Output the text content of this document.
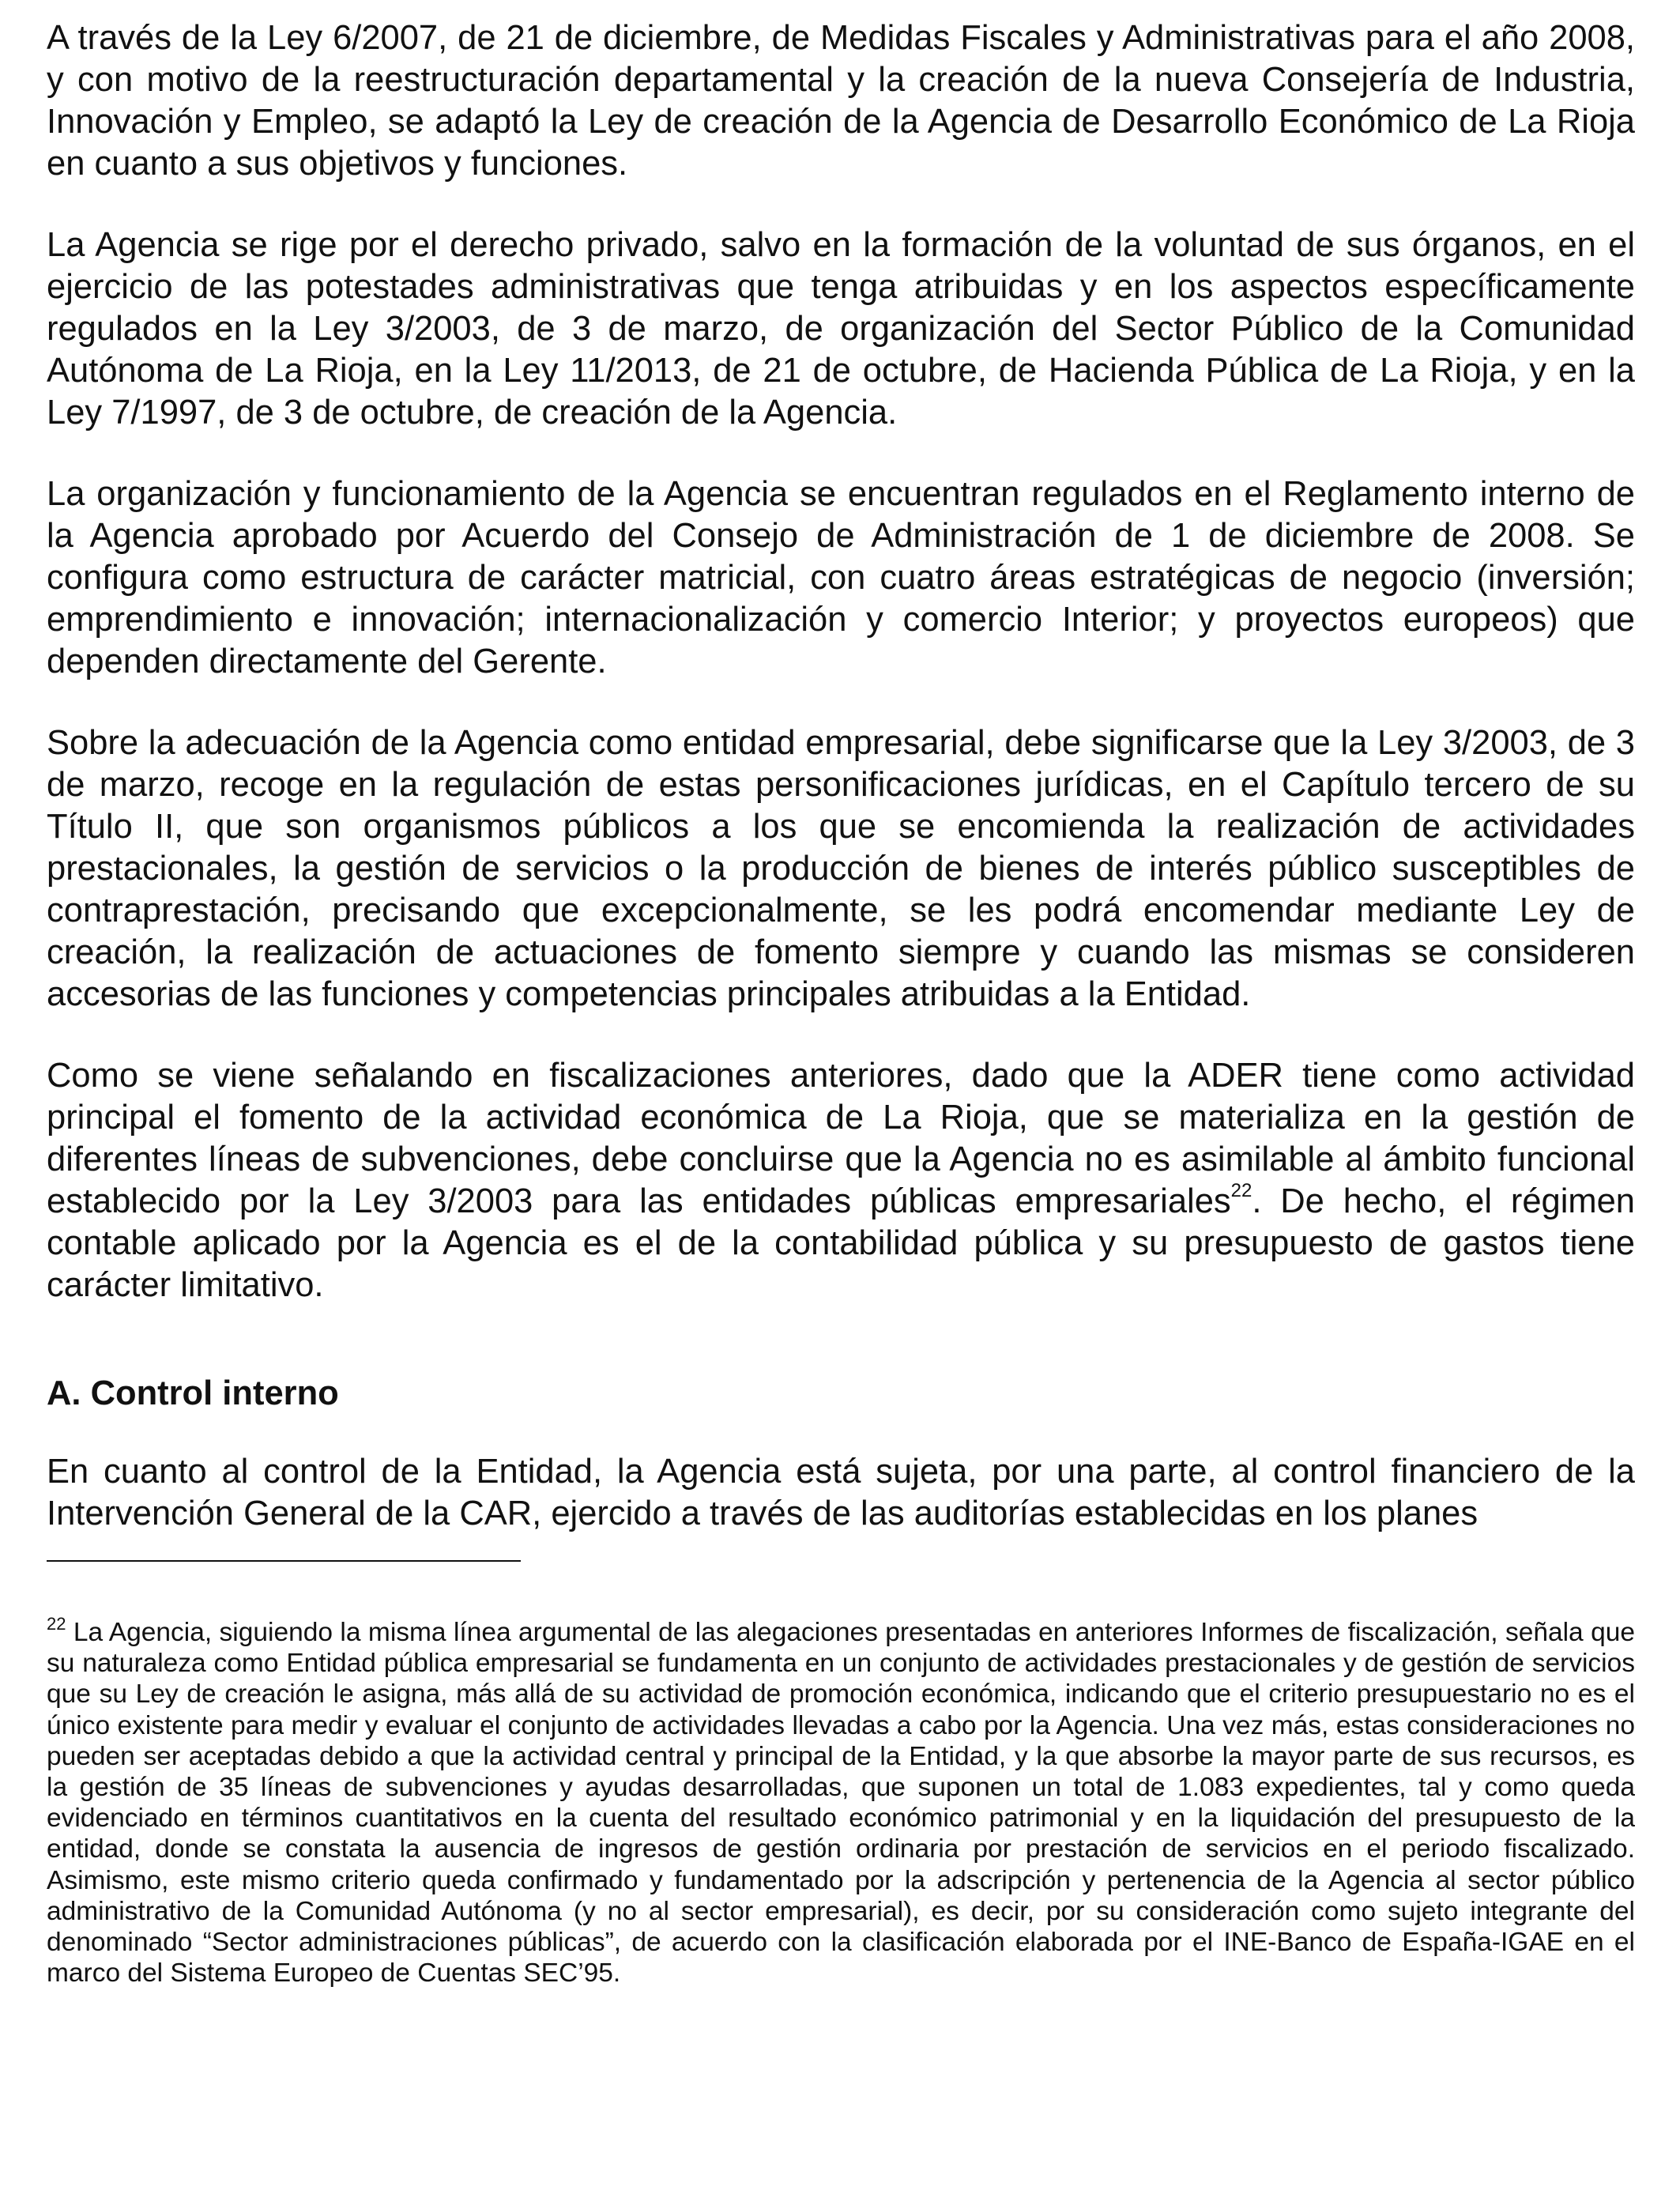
A través de la Ley 6/2007, de 21 de diciembre, de Medidas Fiscales y Administrativas para el año 2008, y con motivo de la reestructuración departamental y la creación de la nueva Consejería de Industria, Innovación y Empleo, se adaptó la Ley de creación de la Agencia de Desarrollo Económico de La Rioja en cuanto a sus objetivos y funciones.

La Agencia se rige por el derecho privado, salvo en la formación de la voluntad de sus órganos, en el ejercicio de las potestades administrativas que tenga atribuidas y en los aspectos específicamente regulados en la Ley 3/2003, de 3 de marzo, de organización del Sector Público de la Comunidad Autónoma de La Rioja, en la Ley 11/2013, de 21 de octubre, de Hacienda Pública de La Rioja, y en la Ley 7/1997, de 3 de octubre, de creación de la Agencia.

La organización y funcionamiento de la Agencia se encuentran regulados en el Reglamento interno de la Agencia aprobado por Acuerdo del Consejo de Administración de 1 de diciembre de 2008. Se configura como estructura de carácter matricial, con cuatro áreas estratégicas de negocio (inversión; emprendimiento e innovación; internacionalización y comercio Interior; y proyectos europeos) que dependen directamente del Gerente.

Sobre la adecuación de la Agencia como entidad empresarial, debe significarse que la Ley 3/2003, de 3 de marzo, recoge en la regulación de estas personificaciones jurídicas, en el Capítulo tercero de su Título II, que son organismos públicos a los que se encomienda la realización de actividades prestacionales, la gestión de servicios o la producción de bienes de interés público susceptibles de contraprestación, precisando que excepcionalmente, se les podrá encomendar mediante Ley de creación, la realización de actuaciones de fomento siempre y cuando las mismas se consideren accesorias de las funciones y competencias principales atribuidas a la Entidad.

Como se viene señalando en fiscalizaciones anteriores, dado que la ADER tiene como actividad principal el fomento de la actividad económica de La Rioja, que se materializa en la gestión de diferentes líneas de subvenciones, debe concluirse que la Agencia no es asimilable al ámbito funcional establecido por la Ley 3/2003 para las entidades públicas empresariales$^{22}$. De hecho, el régimen contable aplicado por la Agencia es el de la contabilidad pública y su presupuesto de gastos tiene carácter limitativo.

A. Control interno

En cuanto al control de la Entidad, la Agencia está sujeta, por una parte, al control financiero de la Intervención General de la CAR, ejercido a través de las auditorías establecidas en los planes

$^{22}$ La Agencia, siguiendo la misma línea argumental de las alegaciones presentadas en anteriores Informes de fiscalización, señala que su naturaleza como Entidad pública empresarial se fundamenta en un conjunto de actividades prestacionales y de gestión de servicios que su Ley de creación le asigna, más allá de su actividad de promoción económica, indicando que el criterio presupuestario no es el único existente para medir y evaluar el conjunto de actividades llevadas a cabo por la Agencia. Una vez más, estas consideraciones no pueden ser aceptadas debido a que la actividad central y principal de la Entidad, y la que absorbe la mayor parte de sus recursos, es la gestión de 35 líneas de subvenciones y ayudas desarrolladas, que suponen un total de 1.083 expedientes, tal y como queda evidenciado en términos cuantitativos en la cuenta del resultado económico patrimonial y en la liquidación del presupuesto de la entidad, donde se constata la ausencia de ingresos de gestión ordinaria por prestación de servicios en el periodo fiscalizado. Asimismo, este mismo criterio queda confirmado y fundamentado por la adscripción y pertenencia de la Agencia al sector público administrativo de la Comunidad Autónoma (y no al sector empresarial), es decir, por su consideración como sujeto integrante del denominado “Sector administraciones públicas”, de acuerdo con la clasificación elaborada por el INE-Banco de España-IGAE en el marco del Sistema Europeo de Cuentas SEC’95.
